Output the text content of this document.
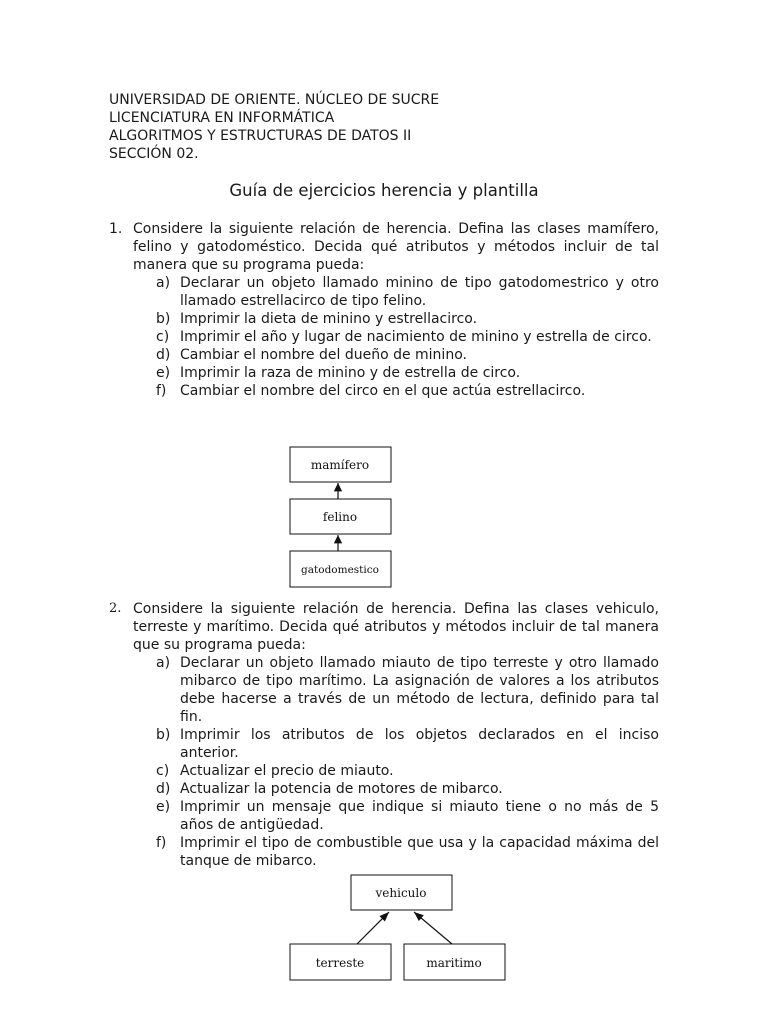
UNIVERSIDAD DE ORIENTE. NÚCLEO DE SUCRE
LICENCIATURA EN INFORMÁTICA
ALGORITMOS Y ESTRUCTURAS DE DATOS II
SECCIÓN 02.
Guía de ejercicios herencia y plantilla
1. Considere la siguiente relación de herencia. Defina las clases mamífero, felino y gatodoméstico. Decida qué atributos y métodos incluir de tal manera que su programa pueda:
a) Declarar un objeto llamado minino de tipo gatodomestrico y otro llamado estrellacirco de tipo felino.
b) Imprimir la dieta de minino y estrellacirco.
c) Imprimir el año y lugar de nacimiento de minino y estrella de circo.
d) Cambiar el nombre del dueño de minino.
e) Imprimir la raza de minino y de estrella de circo.
f) Cambiar el nombre del circo en el que actúa estrellacirco.
mamífero
felino
gatodomestico
vehiculo
terreste	maritimo
2. Considere la siguiente relación de herencia. Defina las clases vehiculo, terreste y marítimo. Decida qué atributos y métodos incluir de tal manera que su programa pueda:
a) Declarar un objeto llamado miauto de tipo terreste y otro llamado mibarco de tipo marítimo. La asignación de valores a los atributos debe hacerse a través de un método de lectura, definido para tal fin.
b) Imprimir los atributos de los objetos declarados en el inciso anterior.
c) Actualizar el precio de miauto.
d) Actualizar la potencia de motores de mibarco.
e) Imprimir un mensaje que indique si miauto tiene o no más de 5 años de antigüedad.
f) Imprimir el tipo de combustible que usa y la capacidad máxima del tanque de mibarco.
